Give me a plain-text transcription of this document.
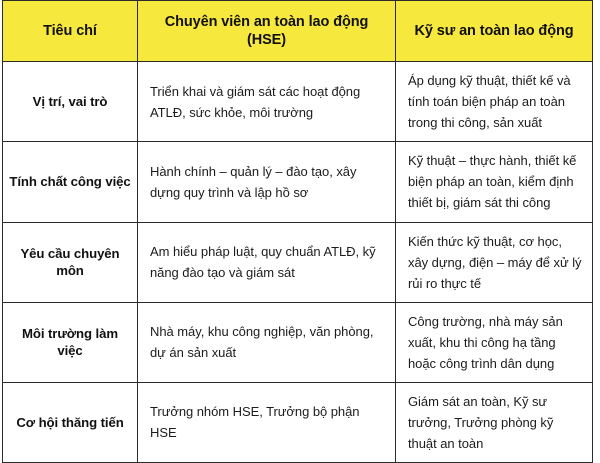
Tiêu chí	Chuyên viên an toàn lao động (HSE)	Kỹ sư an toàn lao động
Vị trí, vai trò	Triển khai và giám sát các hoạt động ATLĐ, sức khỏe, môi trường	Áp dụng kỹ thuật, thiết kế và tính toán biện pháp an toàn trong thi công, sản xuất
Tính chất công việc	Hành chính – quản lý – đào tạo, xây dựng quy trình và lập hồ sơ	Kỹ thuật – thực hành, thiết kế biện pháp an toàn, kiểm định thiết bị, giám sát thi công
Yêu cầu chuyên môn	Am hiểu pháp luật, quy chuẩn ATLĐ, kỹ năng đào tạo và giám sát	Kiến thức kỹ thuật, cơ học, xây dựng, điện – máy để xử lý rủi ro thực tế
Môi trường làm việc	Nhà máy, khu công nghiệp, văn phòng, dự án sản xuất	Công trường, nhà máy sản xuất, khu thi công hạ tầng hoặc công trình dân dụng
Cơ hội thăng tiến	Trưởng nhóm HSE, Trưởng bộ phận HSE	Giám sát an toàn, Kỹ sư trưởng, Trưởng phòng kỹ thuật an toàn
